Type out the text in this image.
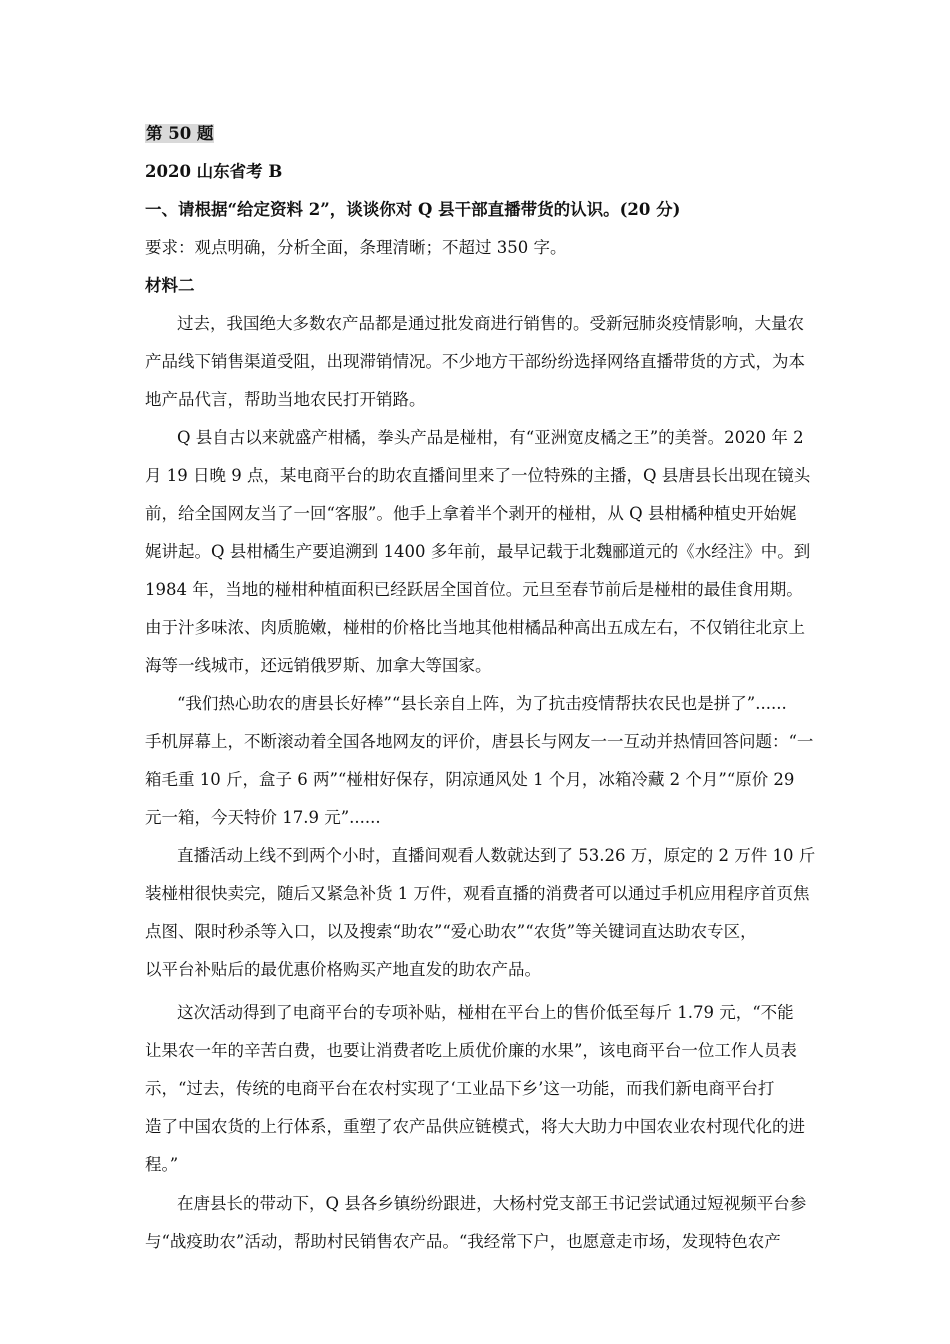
第 50 题
2020 山东省考 B
一、请根据“给定资料 2”，谈谈你对 Q 县干部直播带货的认识。(20 分)
要求：观点明确，分析全面，条理清晰；不超过 350 字。
材料二
过去，我国绝大多数农产品都是通过批发商进行销售的。受新冠肺炎疫情影响，大量农
产品线下销售渠道受阻，出现滞销情况。不少地方干部纷纷选择网络直播带货的方式，为本
地产品代言，帮助当地农民打开销路。
Q 县自古以来就盛产柑橘，拳头产品是椪柑，有“亚洲宽皮橘之王”的美誉。2020 年 2
月 19 日晚 9 点，某电商平台的助农直播间里来了一位特殊的主播，Q 县唐县长出现在镜头
前，给全国网友当了一回“客服”。他手上拿着半个剥开的椪柑，从 Q 县柑橘种植史开始娓
娓讲起。Q 县柑橘生产要追溯到 1400 多年前，最早记载于北魏郦道元的《水经注》中。到
1984 年，当地的椪柑种植面积已经跃居全国首位。元旦至春节前后是椪柑的最佳食用期。
由于汁多味浓、肉质脆嫩，椪柑的价格比当地其他柑橘品种高出五成左右，不仅销往北京上
海等一线城市，还远销俄罗斯、加拿大等国家。
“我们热心助农的唐县长好棒”“县长亲自上阵，为了抗击疫情帮扶农民也是拼了”......
手机屏幕上，不断滚动着全国各地网友的评价，唐县长与网友一一互动并热情回答问题：“一
箱毛重 10 斤，盒子 6 两”“椪柑好保存，阴凉通风处 1 个月，冰箱冷藏 2 个月”“原价 29
元一箱，今天特价 17.9 元”......
直播活动上线不到两个小时，直播间观看人数就达到了 53.26 万，原定的 2 万件 10 斤
装椪柑很快卖完，随后又紧急补货 1 万件，观看直播的消费者可以通过手机应用程序首页焦
点图、限时秒杀等入口，以及搜索“助农”“爱心助农”“农货”等关键词直达助农专区，
以平台补贴后的最优惠价格购买产地直发的助农产品。
这次活动得到了电商平台的专项补贴，椪柑在平台上的售价低至每斤 1.79 元，“不能
让果农一年的辛苦白费，也要让消费者吃上质优价廉的水果”，该电商平台一位工作人员表
示，“过去，传统的电商平台在农村实现了‘工业品下乡’这一功能，而我们新电商平台打
造了中国农货的上行体系，重塑了农产品供应链模式，将大大助力中国农业农村现代化的进
程。”
在唐县长的带动下，Q 县各乡镇纷纷跟进，大杨村党支部王书记尝试通过短视频平台参
与“战疫助农”活动，帮助村民销售农产品。“我经常下户，也愿意走市场，发现特色农产
